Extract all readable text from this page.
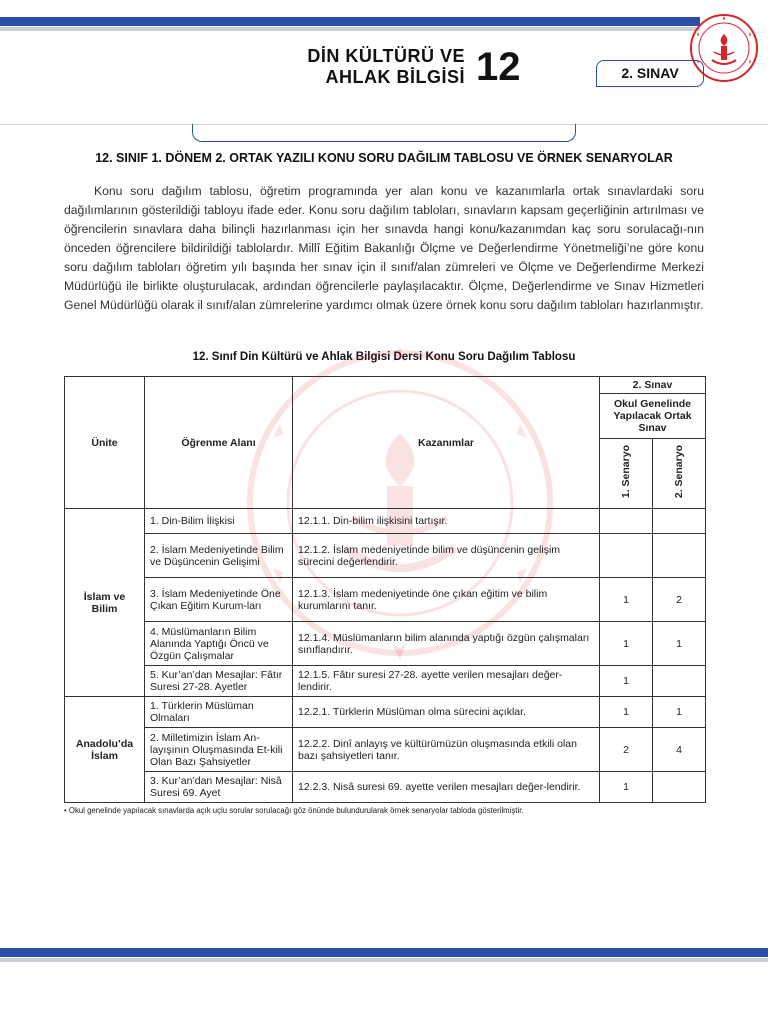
DİN KÜLTÜRÜ VE
AHLAK BİLGİSİ 12	2. SINAV
12. SINIF 1. DÖNEM 2. ORTAK YAZILI KONU SORU DAĞILIM TABLOSU VE ÖRNEK SENARYOLAR

Konu soru dağılım tablosu, öğretim programında yer alan konu ve kazanımlarla ortak sınavlardaki soru dağılımlarının gösterildiği tabloyu ifade eder. Konu soru dağılım tabloları, sınavların kapsam geçerliğinin artırılması ve öğrencilerin sınavlara daha bilinçli hazırlanması için her sınavda hangi konu/kazanımdan kaç soru sorulacağı-nın önceden öğrencilere bildirildiği tablolardır. Millî Eğitim Bakanlığı Ölçme ve Değerlendirme Yönetmeliği’ne göre konu soru dağılım tabloları öğretim yılı başında her sınav için il sınıf/alan zümreleri ve Ölçme ve Değerlendirme Merkezi Müdürlüğü ile birlikte oluşturulacak, ardından öğrencilerle paylaşılacaktır. Ölçme, Değerlendirme ve Sınav Hizmetleri Genel Müdürlüğü olarak il sınıf/alan zümrelerine yardımcı olmak üzere örnek konu soru dağılım tabloları hazırlanmıştır.

12. Sınıf Din Kültürü ve Ahlak Bilgisi Dersi Konu Soru Dağılım Tablosu
Ünite	Öğrenme Alanı	Kazanımlar	2. Sınav	
			Okul Genelinde Yapılacak Ortak Sınav	
			1. Senaryo	2. Senaryo
İslam ve Bilim	1. Din-Bilim İlişkisi	12.1.1. Din-bilim ilişkisini tartışır.		
	2. İslam Medeniyetinde Bilim ve Düşüncenin Gelişimi	12.1.2. İslam medeniyetinde bilim ve düşüncenin gelişim sürecini değerlendirir.		
	3. İslam Medeniyetinde Öne Çıkan Eğitim Kurum-ları	12.1.3. İslam medeniyetinde öne çıkan eğitim ve bilim kurumlarını tanır.	1	2
	4. Müslümanların Bilim Alanında Yaptığı Öncü ve Özgün Çalışmalar	12.1.4. Müslümanların bilim alanında yaptığı özgün çalışmaları sınıflandırır.	1	1
	5. Kur’an’dan Mesajlar: Fâtır Suresi 27-28. Ayetler	12.1.5. Fâtır suresi 27-28. ayette verilen mesajları değer-lendirir.	1	
Anadolu’da İslam	1. Türklerin Müslüman Olmaları	12.2.1. Türklerin Müslüman olma sürecini açıklar.	1	1
	2. Milletimizin İslam An-layışının Oluşmasında Et-kili Olan Bazı Şahsiyetler	12.2.2. Dinî anlayış ve kültürümüzün oluşmasında etkili olan bazı şahsiyetleri tanır.	2	4
	3. Kur’an’dan Mesajlar: Nisâ Suresi 69. Ayet	12.2.3. Nisâ suresi 69. ayette verilen mesajları değer-lendirir.	1	
• Okul genelinde yapılacak sınavlarda açık uçlu sorular sorulacağı göz önünde bulundurularak örnek senaryolar tabloda gösterilmiştir.
